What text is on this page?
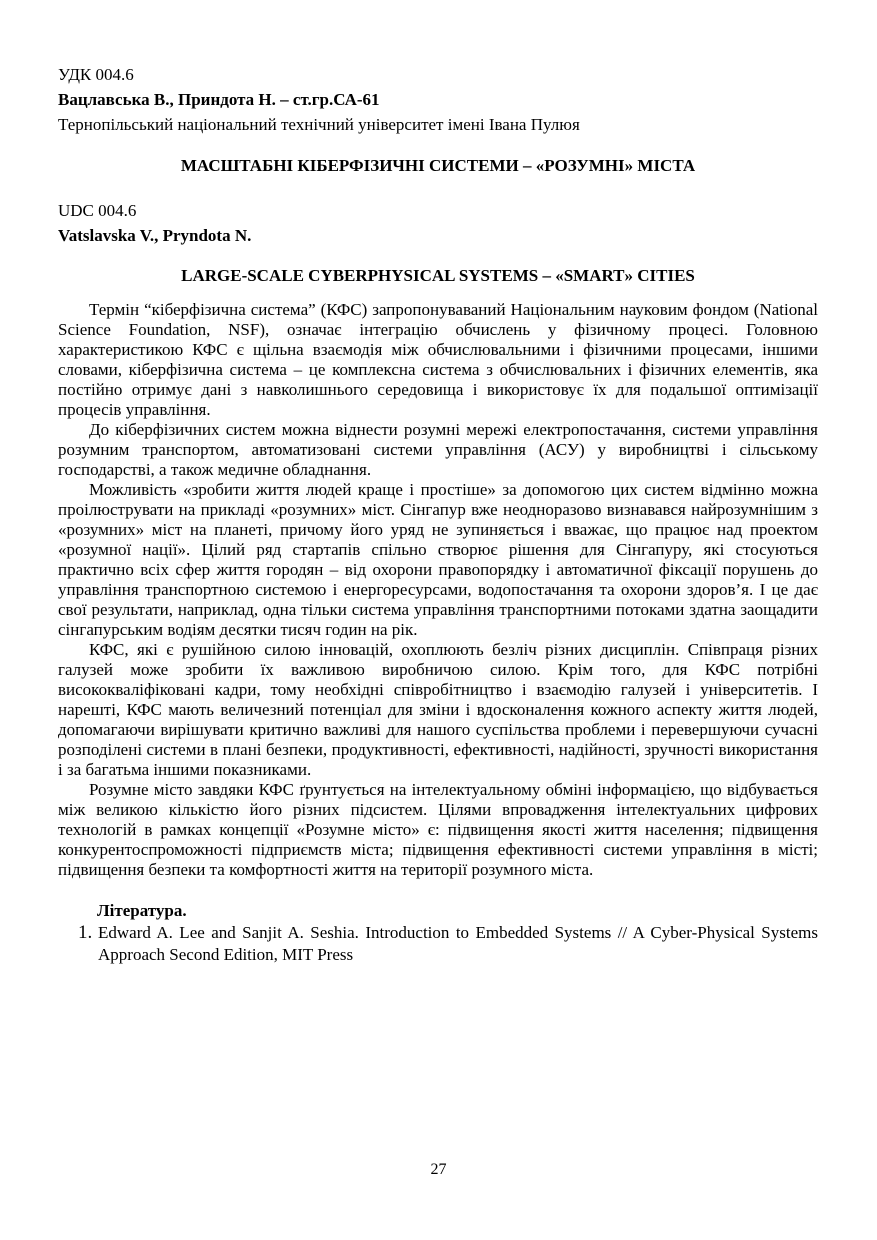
УДК 004.6
Вацлавська В., Приндота Н. – ст.гр.СА-61
Тернопільський національний технічний університет імені Івана Пулюя
МАСШТАБНІ КІБЕРФІЗИЧНІ СИСТЕМИ – «РОЗУМНІ» МІСТА
UDC 004.6
Vatslavska V., Pryndota N.
LARGE-SCALE CYBERPHYSICAL SYSTEMS – «SMART» CITIES

Термін “кіберфізична система” (КФС) запропонуваваний Національним науковим фондом (National Science Foundation, NSF), означає інтеграцію обчислень у фізичному процесі. Головною характеристикою КФС є щільна взаємодія між обчислювальними і фізичними процесами, іншими словами, кіберфізична система – це комплексна система з обчислювальних і фізичних елементів, яка постійно отримує дані з навколишнього середовища і використовує їх для подальшої оптимізації процесів управління.

До кіберфізичних систем можна віднести розумні мережі електропостачання, системи управління розумним транспортом, автоматизовані системи управління (АСУ) у виробництві і сільському господарстві, а також медичне обладнання.

Можливість «зробити життя людей краще і простіше» за допомогою цих систем відмінно можна проілюструвати на прикладі «розумних» міст. Сінгапур вже неодноразово визнавався найрозумнішим з «розумних» міст на планеті, причому його уряд не зупиняється і вважає, що працює над проектом «розумної нації». Цілий ряд стартапів спільно створює рішення для Сінгапуру, які стосуються практично всіх сфер життя городян – від охорони правопорядку і автоматичної фіксації порушень до управління транспортною системою і енергоресурсами, водопостачання та охорони здоров’я. І це дає свої результати, наприклад, одна тільки система управління транспортними потоками здатна заощадити сінгапурським водіям десятки тисяч годин на рік.

КФС, які є рушійною силою інновацій, охоплюють безліч різних дисциплін. Співпраця різних галузей може зробити їх важливою виробничою силою. Крім того, для КФС потрібні висококваліфіковані кадри, тому необхідні співробітництво і взаємодію галузей і університетів. І нарешті, КФС мають величезний потенціал для зміни і вдосконалення кожного аспекту життя людей, допомагаючи вирішувати критично важливі для нашого суспільства проблеми і перевершуючи сучасні розподілені системи в плані безпеки, продуктивності, ефективності, надійності, зручності використання і за багатьма іншими показниками.

Розумне місто завдяки КФС ґрунтується на інтелектуальному обміні інформацією, що відбувається між великою кількістю його різних підсистем. Цілями впровадження інтелектуальних цифрових технологій в рамках концепції «Розумне місто» є: підвищення якості життя населення; підвищення конкурентоспроможності підприємств міста; підвищення ефективності системи управління в місті; підвищення безпеки та комфортності життя на території розумного міста.

Література.
1. Edward A. Lee and Sanjit A. Seshia. Introduction to Embedded Systems // A Cyber-Physical Systems Approach Second Edition, MIT Press
27
